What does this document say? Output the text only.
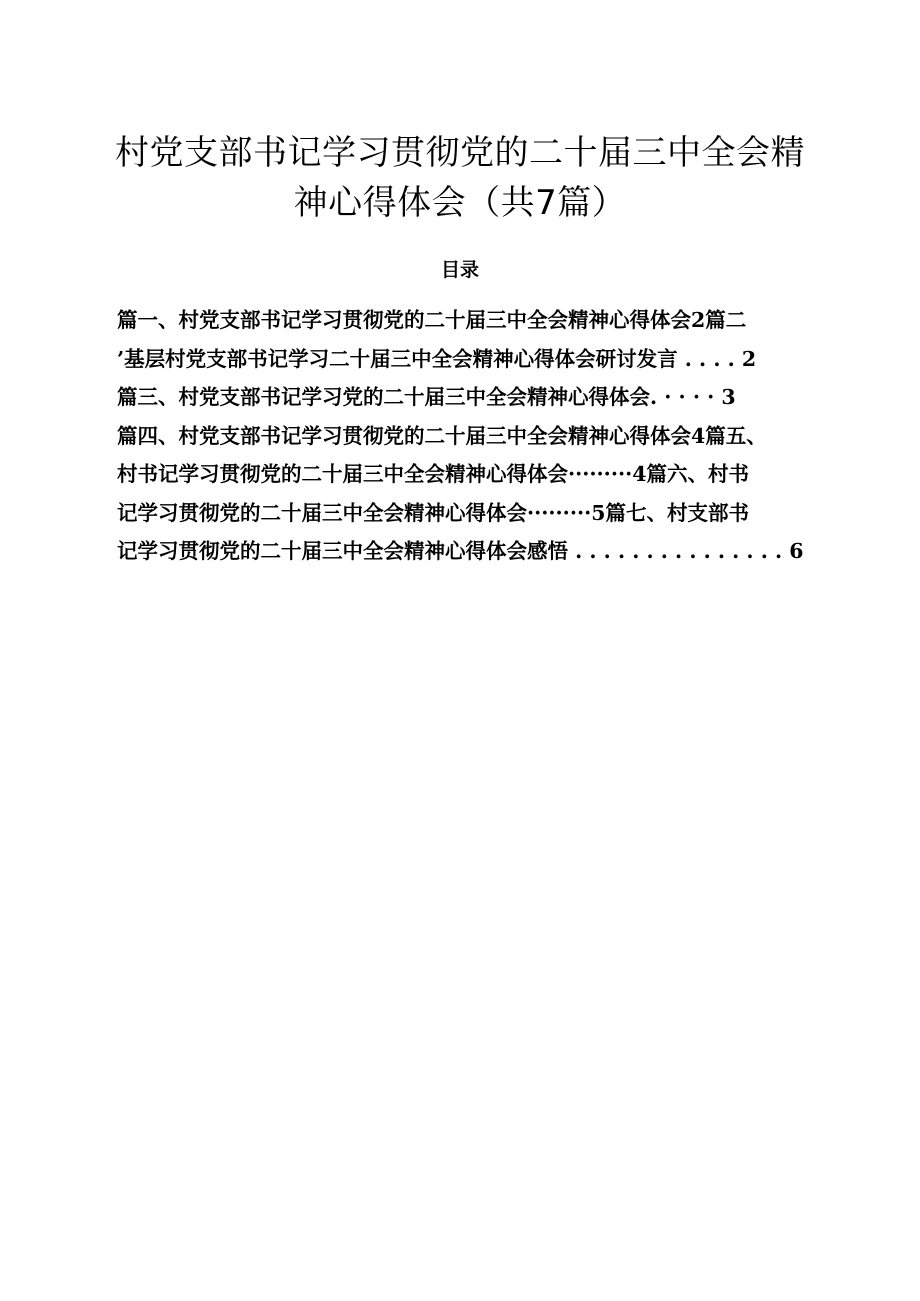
村党支部书记学习贯彻党的二十届三中全会精
神心得体会（共7篇）
目录
篇一、村党支部书记学习贯彻党的二十届三中全会精神心得体会2篇二
’基层村党支部书记学习二十届三中全会精神心得体会研讨发言 . . . . 2
篇三、村党支部书记学习党的二十届三中全会精神心得体会. · · · · 3
篇四、村党支部书记学习贯彻党的二十届三中全会精神心得体会4篇五、
村书记学习贯彻党的二十届三中全会精神心得体会·········4篇六、村书
记学习贯彻党的二十届三中全会精神心得体会·········5篇七、村支部书
记学习贯彻党的二十届三中全会精神心得体会感悟 . . . . . . . . . . . . . . . 6
